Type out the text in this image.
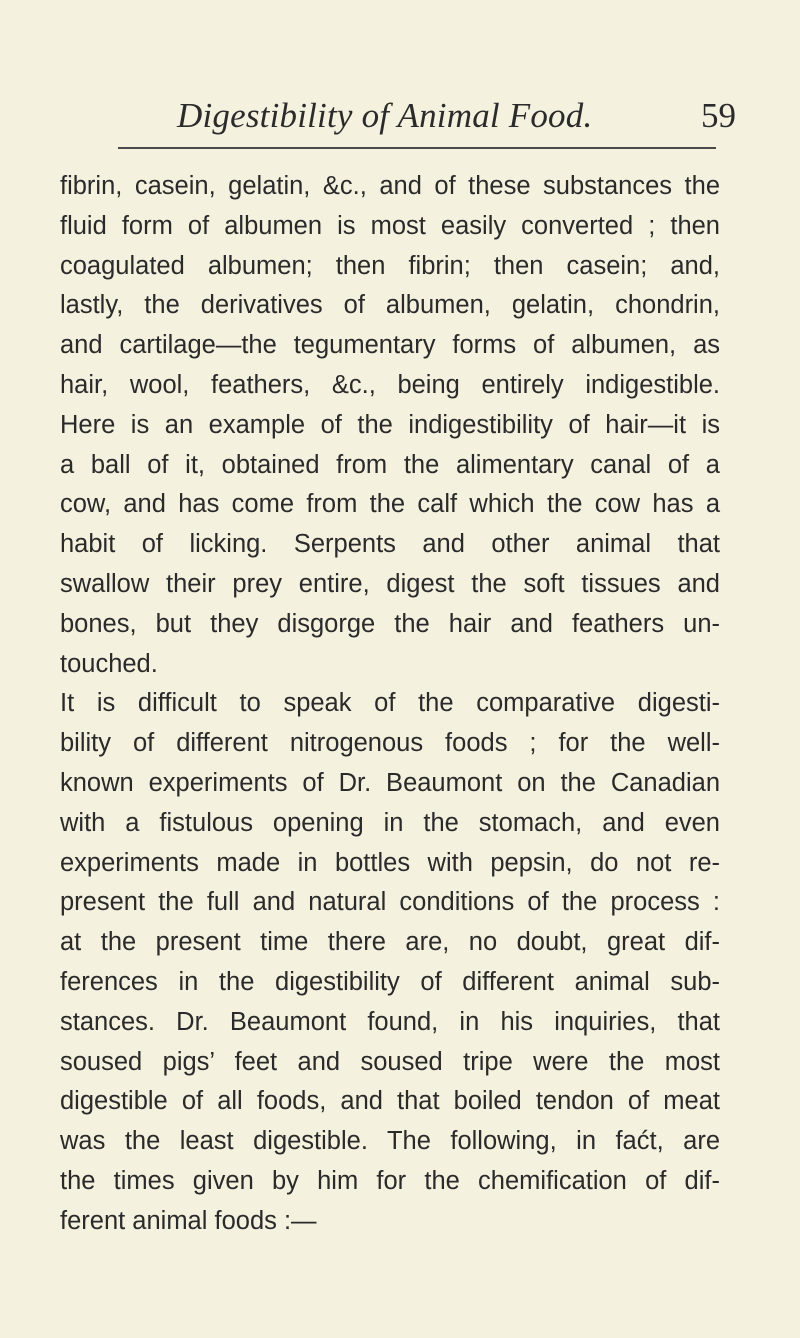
Digestibility of Animal Food.	59
fibrin, casein, gelatin, &c., and of these substances the
fluid form of albumen is most easily converted ; then
coagulated albumen; then fibrin; then casein; and,
lastly, the derivatives of albumen, gelatin, chondrin,
and cartilage—the tegumentary forms of albumen, as
hair, wool, feathers, &c., being entirely indigestible.
Here is an example of the indigestibility of hair—it is
a ball of it, obtained from the alimentary canal of a
cow, and has come from the calf which the cow has a
habit of licking. Serpents and other animal that
swallow their prey entire, digest the soft tissues and
bones, but they disgorge the hair and feathers un-
touched.
It is difficult to speak of the comparative digesti-
bility of different nitrogenous foods ; for the well-
known experiments of Dr. Beaumont on the Canadian
with a fistulous opening in the stomach, and even
experiments made in bottles with pepsin, do not re-
present the full and natural conditions of the process :
at the present time there are, no doubt, great dif-
ferences in the digestibility of different animal sub-
stances. Dr. Beaumont found, in his inquiries, that
soused pigs’ feet and soused tripe were the most
digestible of all foods, and that boiled tendon of meat
was the least digestible. The following, in faćt, are
the times given by him for the chemification of dif-
ferent animal foods :—
